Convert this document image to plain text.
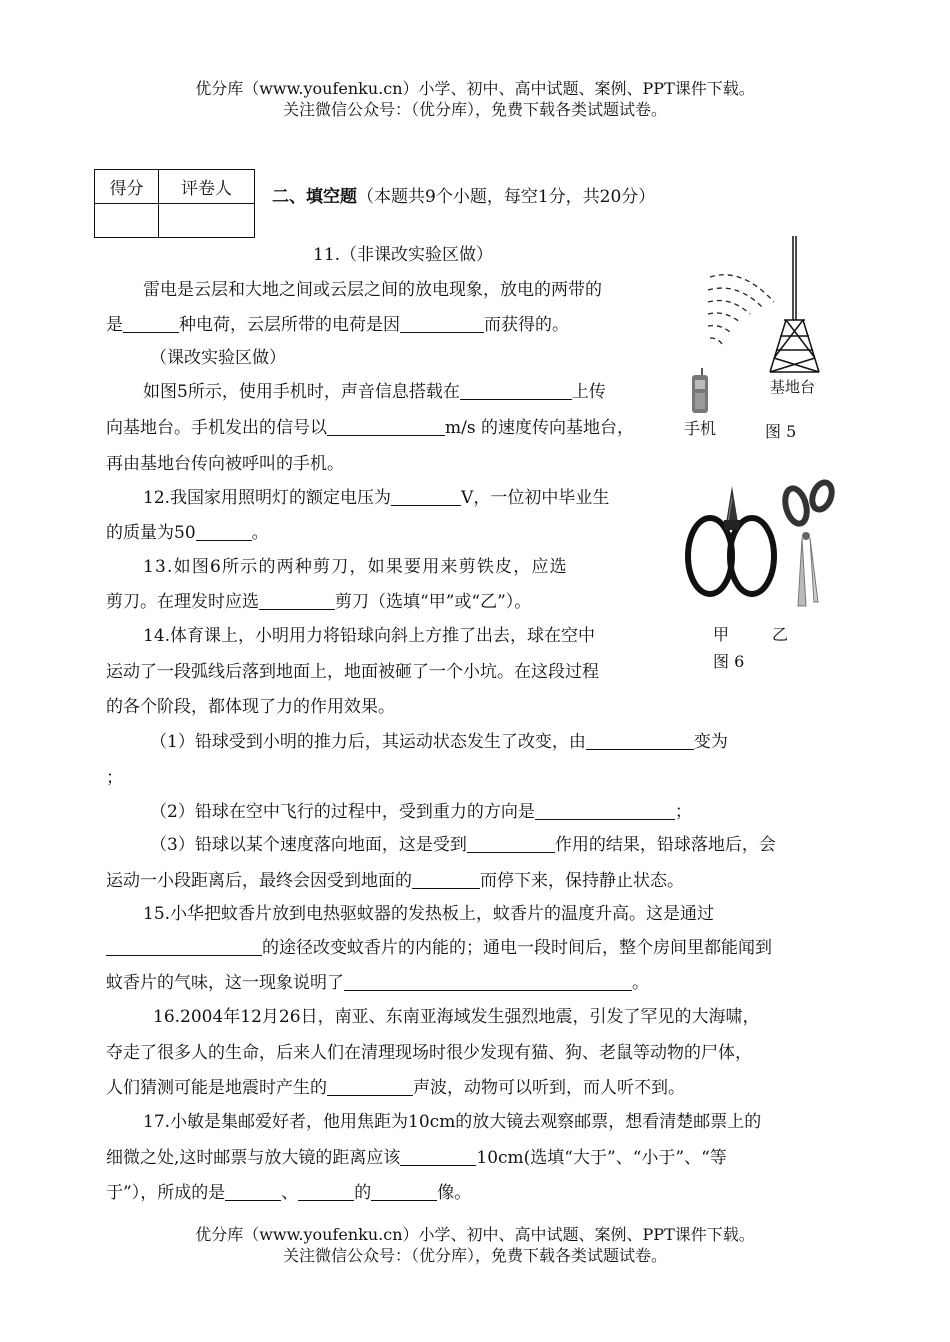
优分库（www.youfenku.cn）小学、初中、高中试题、案例、PPT课件下载。
关注微信公众号：（优分库），免费下载各类试题试卷。
得分	评卷人
	二、填空题（本题共9个小题，每空1分，共20分）
11.（非课改实验区做）
雷电是云层和大地之间或云层之间的放电现象，放电的两带的
是	种电荷，云层所带的电荷是因	而获得的。
（课改实验区做）
如图5所示，使用手机时，声音信息搭载在	上传
向基地台。手机发出的信号以	m/s 的速度传向基地台，
再由基地台传向被呼叫的手机。
基地台
手机	图 5
12.我国家用照明灯的额定电压为	V，一位初中毕业生
的质量为50	。
甲	乙
图 6
13.如图6所示的两种剪刀，如果要用来剪铁皮，应选
剪刀。在理发时应选	剪刀（选填“甲”或“乙”）。
14.体育课上，小明用力将铅球向斜上方推了出去，球在空中
运动了一段弧线后落到地面上，地面被砸了一个小坑。在这段过程
的各个阶段，都体现了力的作用效果。
（1）铅球受到小明的推力后，其运动状态发生了改变，由	变为
；
（2）铅球在空中飞行的过程中，受到重力的方向是	；
（3）铅球以某个速度落向地面，这是受到	作用的结果，铅球落地后，会
运动一小段距离后，最终会因受到地面的	而停下来，保持静止状态。
15.小华把蚊香片放到电热驱蚊器的发热板上，蚊香片的温度升高。这是通过
的途径改变蚊香片的内能的；通电一段时间后，整个房间里都能闻到
蚊香片的气味，这一现象说明了	。
16.2004年12月26日，南亚、东南亚海域发生强烈地震，引发了罕见的大海啸，
夺走了很多人的生命，后来人们在清理现场时很少发现有猫、狗、老鼠等动物的尸体，
人们猜测可能是地震时产生的	声波，动物可以听到，而人听不到。
17.小敏是集邮爱好者，他用焦距为10cm的放大镜去观察邮票，想看清楚邮票上的
细微之处,这时邮票与放大镜的距离应该	10cm(选填“大于”、“小于”、“等
于”），所成的是	、	的	像。
优分库（www.youfenku.cn）小学、初中、高中试题、案例、PPT课件下载。
关注微信公众号：（优分库），免费下载各类试题试卷。
